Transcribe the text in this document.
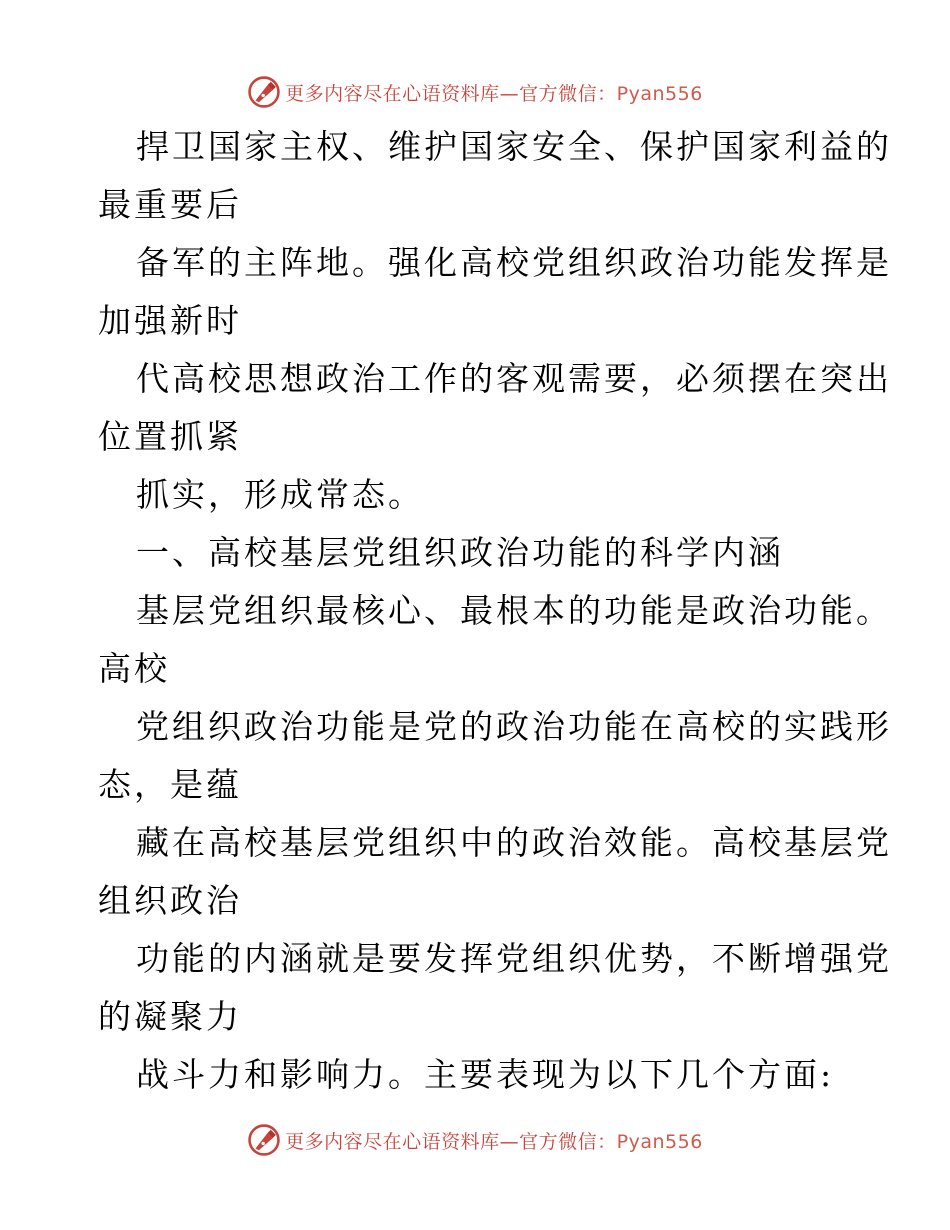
更多内容尽在心语资料库—官方微信：Pyan556
捍卫国家主权、维护国家安全、保护国家利益的
最重要后
备军的主阵地。强化高校党组织政治功能发挥是
加强新时
代高校思想政治工作的客观需要，必须摆在突出
位置抓紧
抓实，形成常态。
一、高校基层党组织政治功能的科学内涵
基层党组织最核心、最根本的功能是政治功能。
高校
党组织政治功能是党的政治功能在高校的实践形
态，是蕴
藏在高校基层党组织中的政治效能。高校基层党
组织政治
功能的内涵就是要发挥党组织优势，不断增强党
的凝聚力
战斗力和影响力。主要表现为以下几个方面:
更多内容尽在心语资料库—官方微信：Pyan556
